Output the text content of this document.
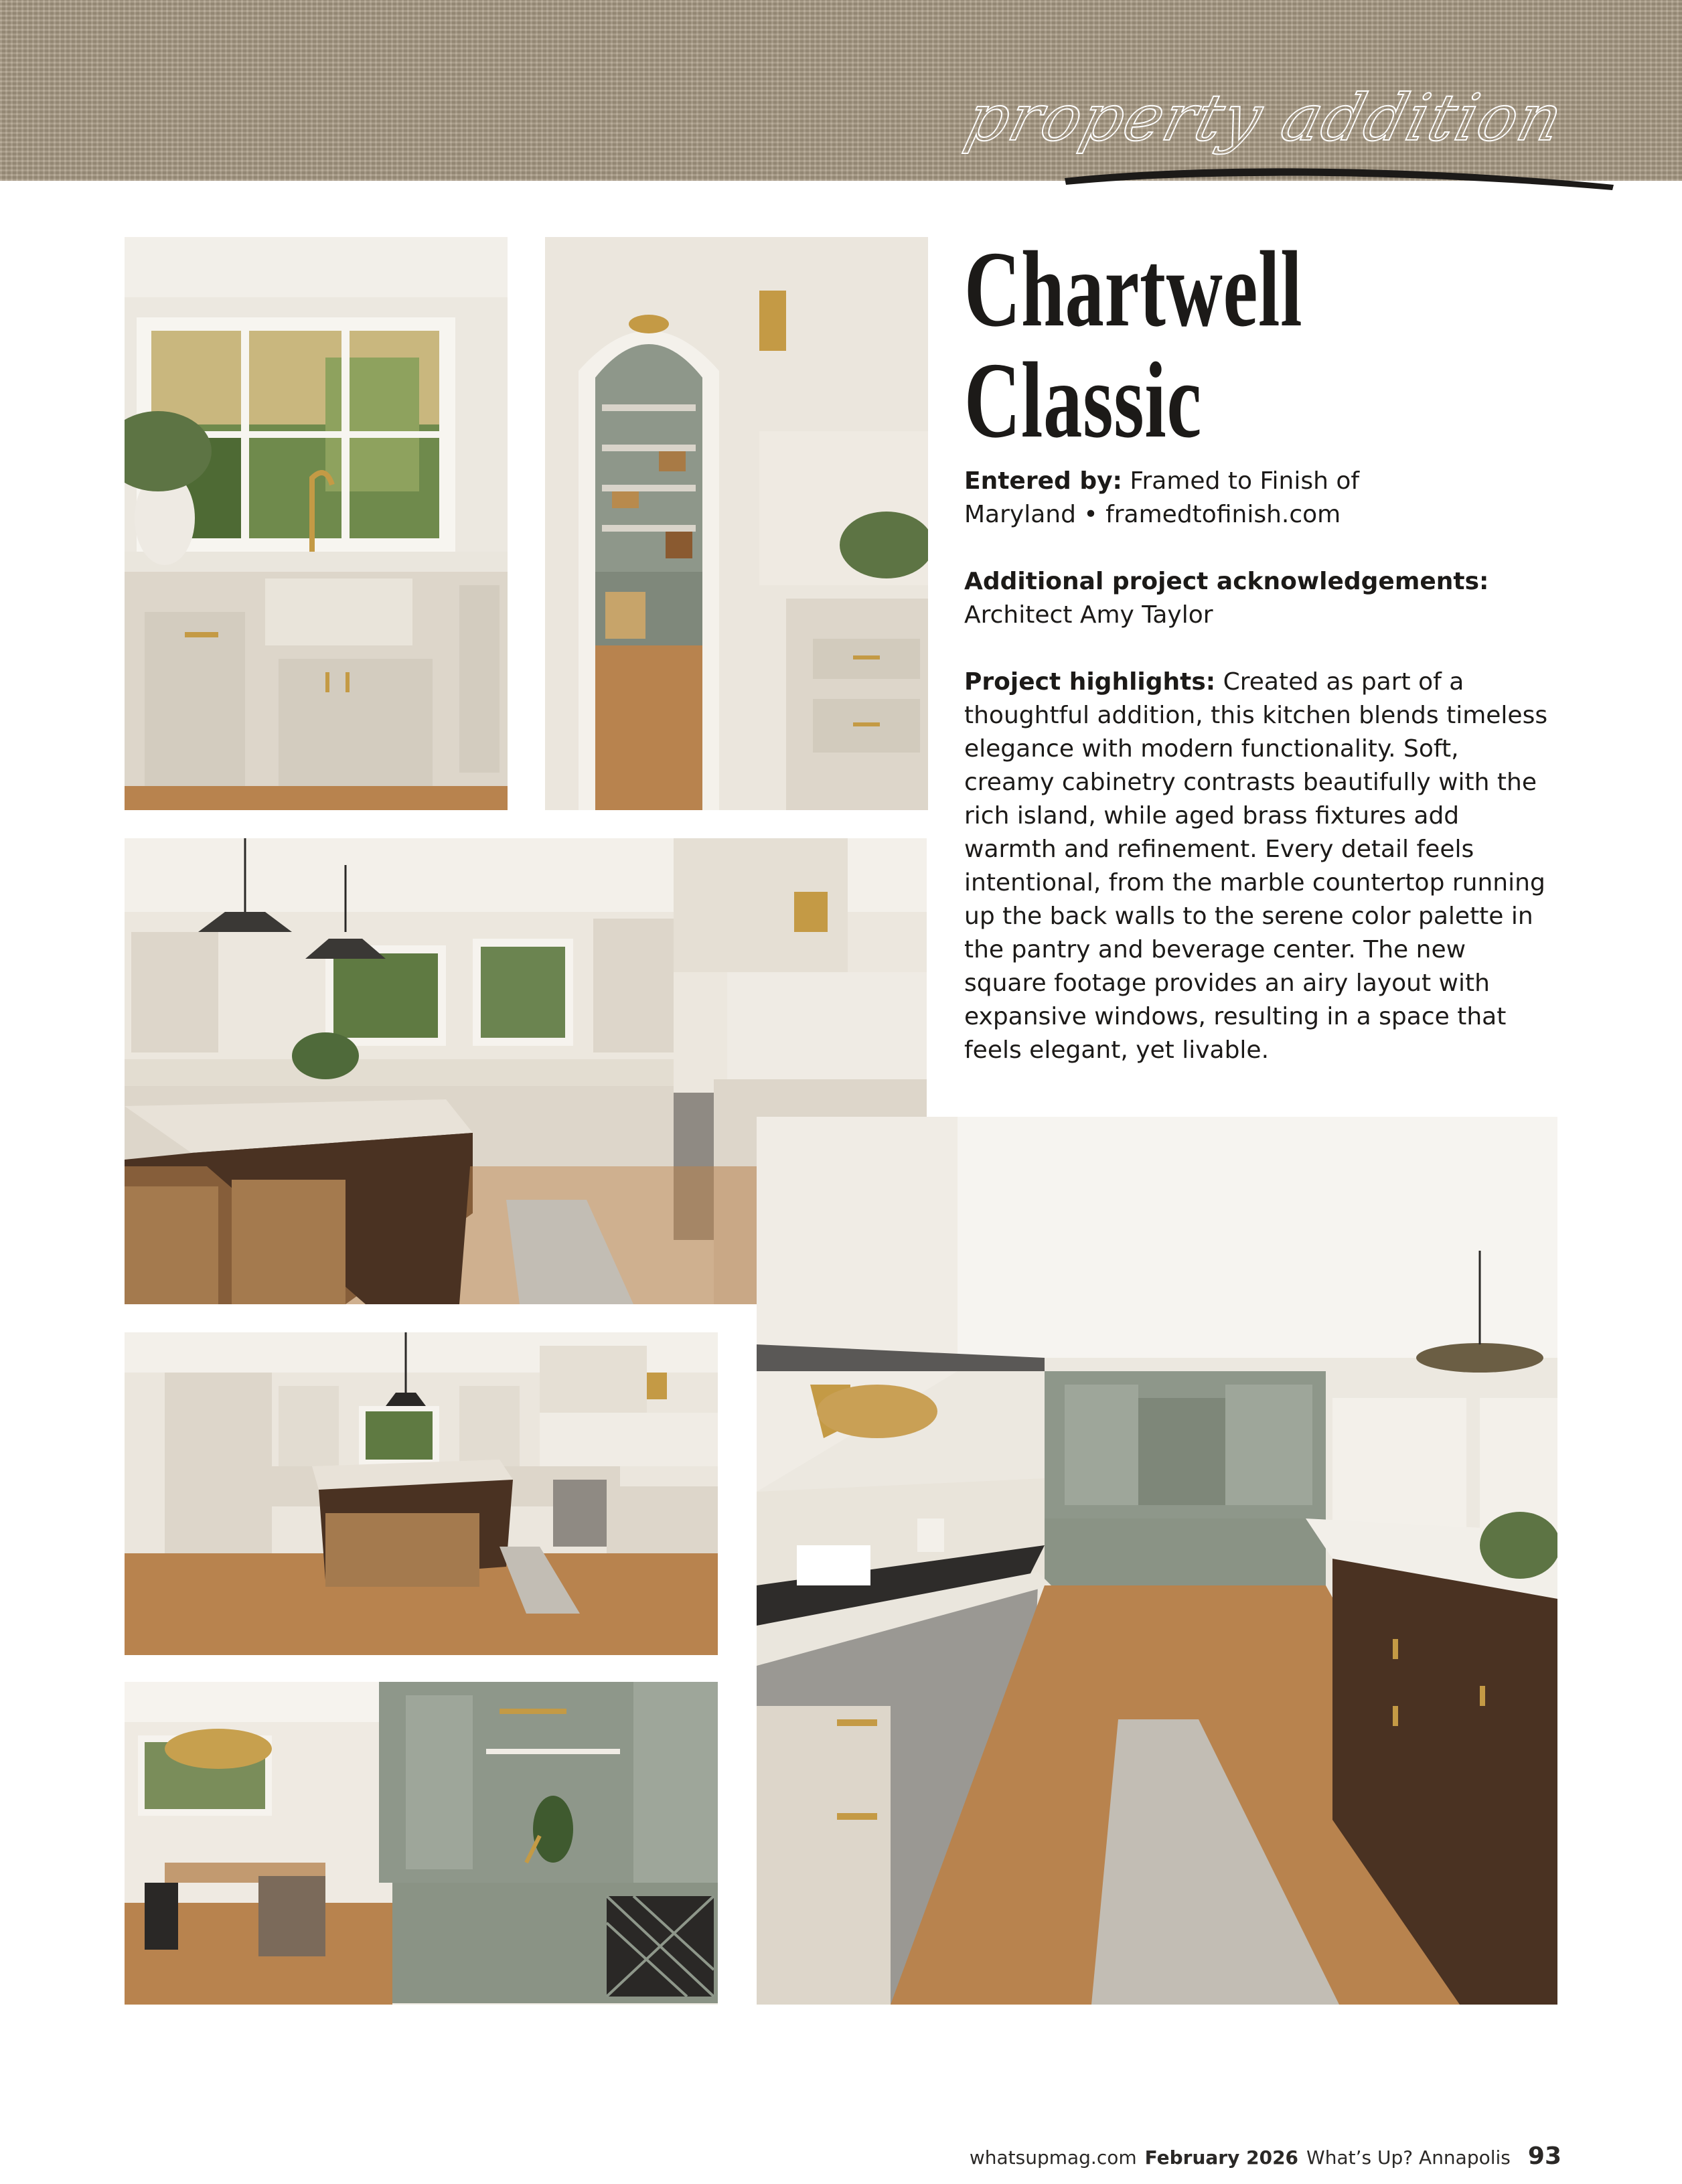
property addition
Chartwell
Classic

Entered by: Framed to Finish of
Maryland • framedtofinish.com

Additional project acknowledgements:
Architect Amy Taylor

Project highlights: Created as part of a thoughtful addition, this kitchen blends timeless elegance with modern functionality. Soft, creamy cabinetry contrasts beautifully with the rich island, while aged brass fixtures add warmth and refinement. Every detail feels intentional, from the marble countertop running up the back walls to the serene color palette in the pantry and beverage center. The new square footage provides an airy layout with expansive windows, resulting in a space that feels elegant, yet livable.

whatsupmag.com February 2026 What’s Up? Annapolis 93
